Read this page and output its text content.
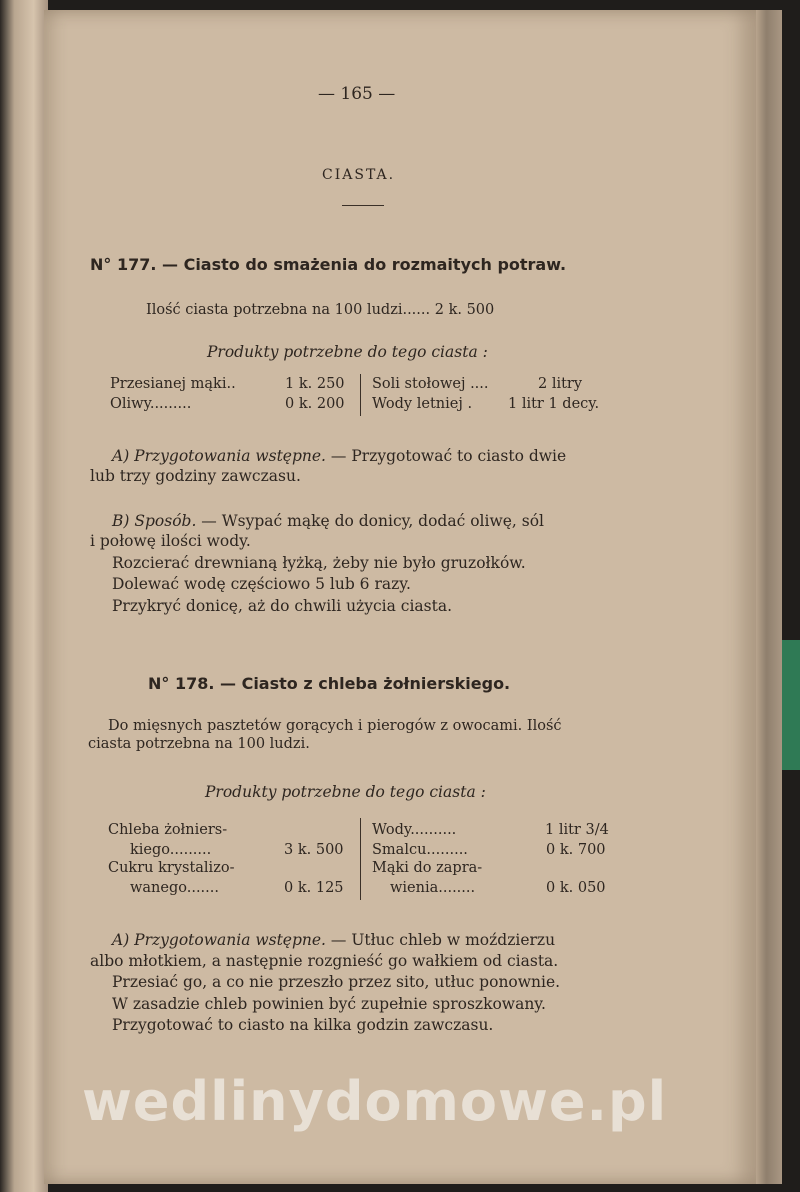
— 165 —
CIASTA.
N° 177. — Ciasto do smażenia do rozmaitych potraw.
Ilość ciasta potrzebna na 100 ludzi...... 2 k. 500
Produkty potrzebne do tego ciasta :
Przesianej mąki..	1 k. 250
Oliwy.........	0 k. 200
Soli stołowej ....	2 litry
Wody letniej . 1 litr 1 decy.
A) Przygotowania wstępne. — Przygotować to ciasto dwie
lub trzy godziny zawczasu.
B) Sposób. — Wsypać mąkę do donicy, dodać oliwę, sól
i połowę ilości wody.
Rozcierać drewnianą łyżką, żeby nie było gruzołków.
Dolewać wodę częściowo 5 lub 6 razy.
Przykryć donicę, aż do chwili użycia ciasta.
N° 178. — Ciasto z chleba żołnierskiego.
Do mięsnych pasztetów gorących i pierogów z owocami. Ilość
ciasta potrzebna na 100 ludzi.
Produkty potrzebne do tego ciasta :
Chleba żołniers-
kiego.........	3 k. 500
Cukru krystalizo-
wanego.......	0 k. 125
Wody..........	1 litr 3/4
Smalcu.........	0 k. 700
Mąki do zapra-
wienia........	0 k. 050
A) Przygotowania wstępne. — Utłuc chleb w moździerzu
albo młotkiem, a następnie rozgnieść go wałkiem od ciasta.
Przesiać go, a co nie przeszło przez sito, utłuc ponownie.
W zasadzie chleb powinien być zupełnie sproszkowany.
Przygotować to ciasto na kilka godzin zawczasu.
wedlinydomowe.pl
